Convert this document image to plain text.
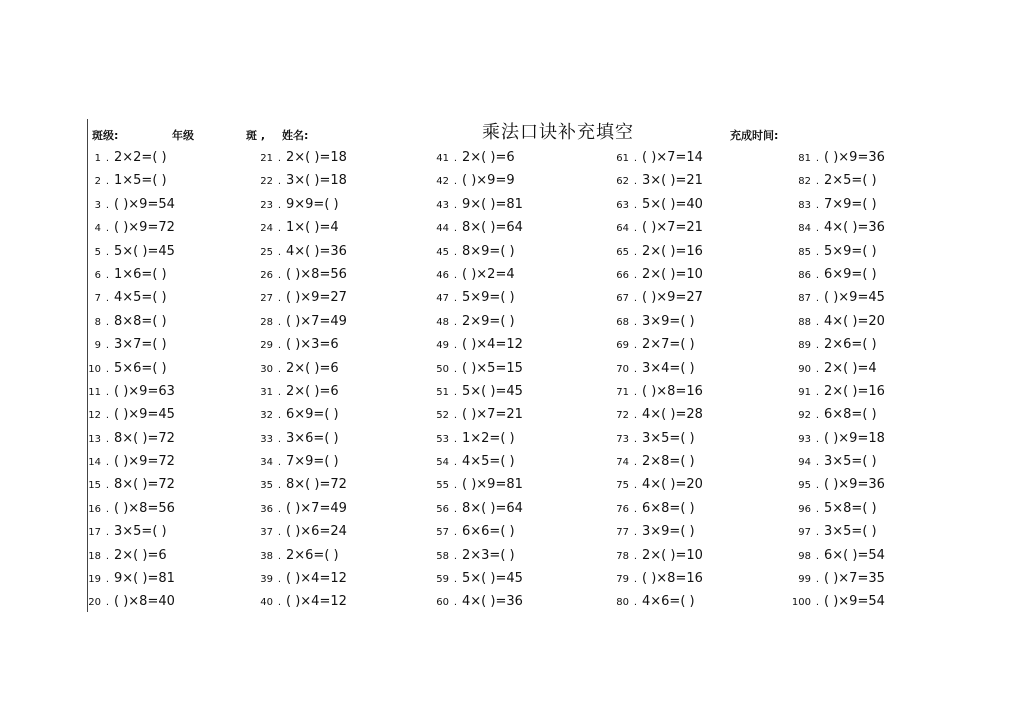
斑级:	年级	斑 , 姓名:	乘法口诀补充填空	充成时间:
1 . 2×2=( )
2 . 1×5=( )
3 . ( )×9=54
4 . ( )×9=72
5 . 5×( )=45
6 . 1×6=( )
7 . 4×5=( )
8 . 8×8=( )
9 . 3×7=( )
10 . 5×6=( )
11 . ( )×9=63
12 . ( )×9=45
13 . 8×( )=72
14 . ( )×9=72
15 . 8×( )=72
16 . ( )×8=56
17 . 3×5=( )
18 . 2×( )=6
19 . 9×( )=81
20 . ( )×8=40
21 . 2×( )=18
22 . 3×( )=18
23 . 9×9=( )
24 . 1×( )=4
25 . 4×( )=36
26 . ( )×8=56
27 . ( )×9=27
28 . ( )×7=49
29 . ( )×3=6
30 . 2×( )=6
31 . 2×( )=6
32 . 6×9=( )
33 . 3×6=( )
34 . 7×9=( )
35 . 8×( )=72
36 . ( )×7=49
37 . ( )×6=24
38 . 2×6=( )
39 . ( )×4=12
40 . ( )×4=12
41 . 2×( )=6
42 . ( )×9=9
43 . 9×( )=81
44 . 8×( )=64
45 . 8×9=( )
46 . ( )×2=4
47 . 5×9=( )
48 . 2×9=( )
49 . ( )×4=12
50 . ( )×5=15
51 . 5×( )=45
52 . ( )×7=21
53 . 1×2=( )
54 . 4×5=( )
55 . ( )×9=81
56 . 8×( )=64
57 . 6×6=( )
58 . 2×3=( )
59 . 5×( )=45
60 . 4×( )=36
61 . ( )×7=14
62 . 3×( )=21
63 . 5×( )=40
64 . ( )×7=21
65 . 2×( )=16
66 . 2×( )=10
67 . ( )×9=27
68 . 3×9=( )
69 . 2×7=( )
70 . 3×4=( )
71 . ( )×8=16
72 . 4×( )=28
73 . 3×5=( )
74 . 2×8=( )
75 . 4×( )=20
76 . 6×8=( )
77 . 3×9=( )
78 . 2×( )=10
79 . ( )×8=16
80 . 4×6=( )
81 . ( )×9=36
82 . 2×5=( )
83 . 7×9=( )
84 . 4×( )=36
85 . 5×9=( )
86 . 6×9=( )
87 . ( )×9=45
88 . 4×( )=20
89 . 2×6=( )
90 . 2×( )=4
91 . 2×( )=16
92 . 6×8=( )
93 . ( )×9=18
94 . 3×5=( )
95 . ( )×9=36
96 . 5×8=( )
97 . 3×5=( )
98 . 6×( )=54
99 . ( )×7=35
100 . ( )×9=54
